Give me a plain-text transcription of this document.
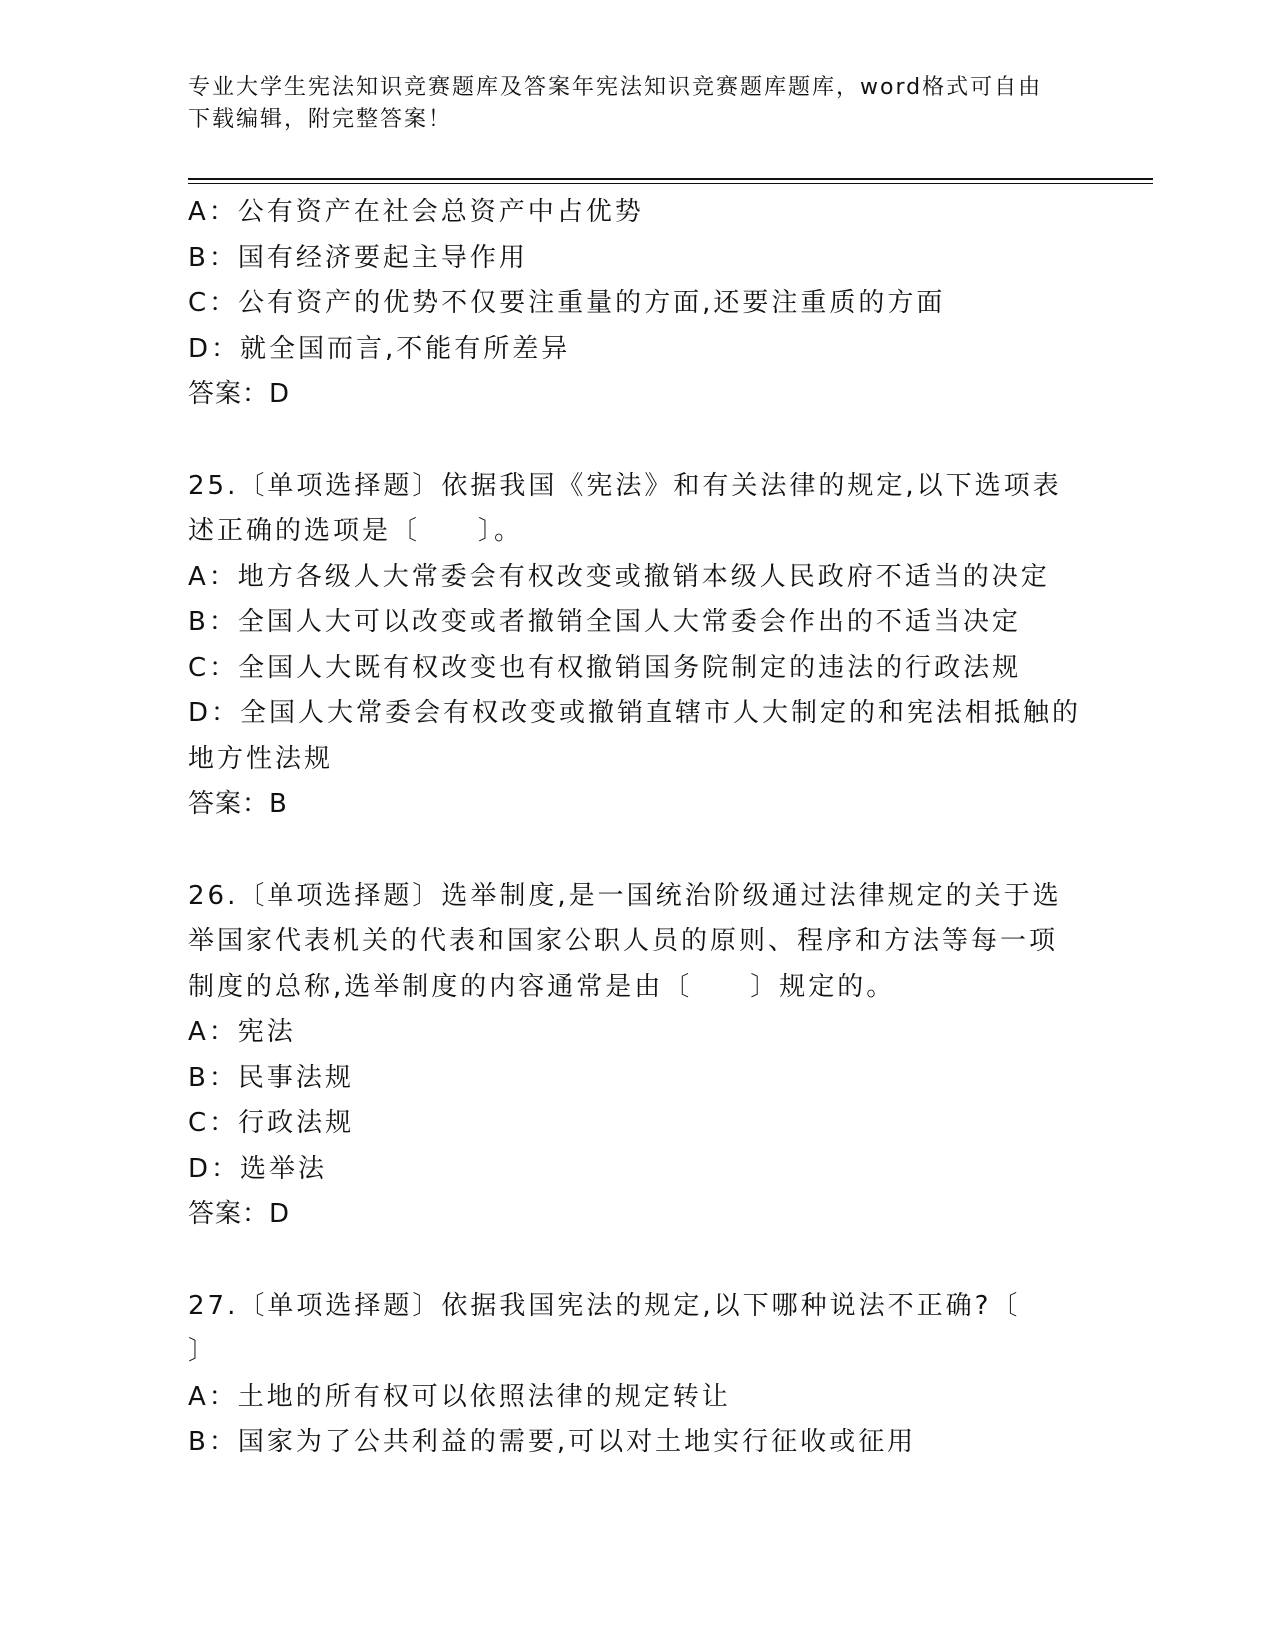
专业大学生宪法知识竞赛题库及答案年宪法知识竞赛题库题库，word格式可自由
下载编辑，附完整答案！
A：公有资产在社会总资产中占优势
B：国有经济要起主导作用
C：公有资产的优势不仅要注重量的方面,还要注重质的方面
D：就全国而言,不能有所差异
答案：D
25.〔单项选择题〕依据我国《宪法》和有关法律的规定,以下选项表
述正确的选项是〔　　〕。
A：地方各级人大常委会有权改变或撤销本级人民政府不适当的决定
B：全国人大可以改变或者撤销全国人大常委会作出的不适当决定
C：全国人大既有权改变也有权撤销国务院制定的违法的行政法规
D：全国人大常委会有权改变或撤销直辖市人大制定的和宪法相抵触的
地方性法规
答案：B
26.〔单项选择题〕选举制度,是一国统治阶级通过法律规定的关于选
举国家代表机关的代表和国家公职人员的原则、程序和方法等每一项
制度的总称,选举制度的内容通常是由〔　　〕规定的。
A：宪法
B：民事法规
C：行政法规
D：选举法
答案：D
27.〔单项选择题〕依据我国宪法的规定,以下哪种说法不正确?〔
〕
A：土地的所有权可以依照法律的规定转让
B：国家为了公共利益的需要,可以对土地实行征收或征用
